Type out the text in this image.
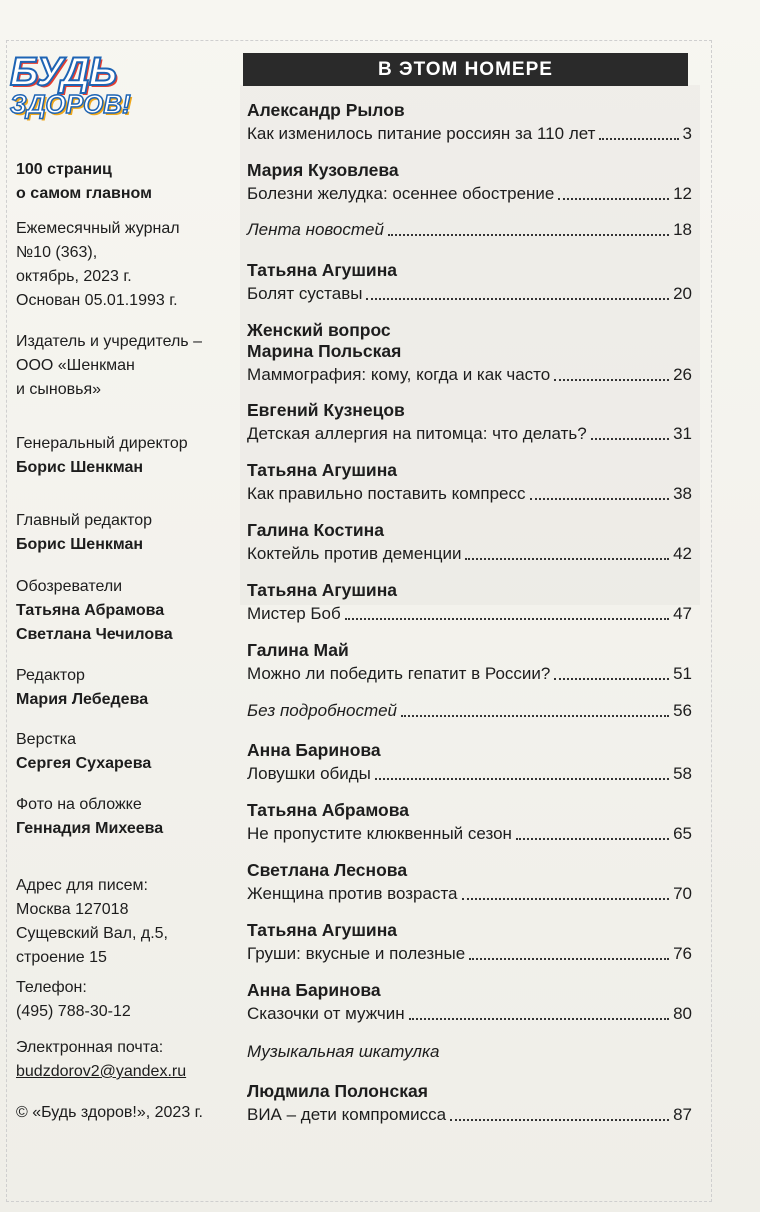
БУДЬ
ЗДОРОВ!
100 страниц
о самом главном
Ежемесячный журнал
№10 (363),
октябрь, 2023 г.
Основан 05.01.1993 г.
Издатель и учредитель –
ООО «Шенкман
и сыновья»
Генеральный директор
Борис Шенкман
Главный редактор
Борис Шенкман
Обозреватели
Татьяна Абрамова
Светлана Чечилова
Редактор
Мария Лебедева
Верстка
Сергея Сухарева
Фото на обложке
Геннадия Михеева
Адрес для писем:
Москва 127018
Сущевский Вал, д.5,
строение 15
Телефон:
(495) 788-30-12
Электронная почта:
budzdorov2@yandex.ru
© «Будь здоров!», 2023 г.
В ЭТОМ НОМЕРЕ
Александр Рылов
Как изменилось питание россиян за 110 лет	3
Мария Кузовлева
Болезни желудка: осеннее обострение	12
Лента новостей	18
Татьяна Агушина
Болят суставы	20
Женский вопрос
Марина Польская
Маммография: кому, когда и как часто	26
Евгений Кузнецов
Детская аллергия на питомца: что делать?	31
Татьяна Агушина
Как правильно поставить компресс	38
Галина Костина
Коктейль против деменции	42
Татьяна Агушина
Мистер Боб	47
Галина Май
Можно ли победить гепатит в России?	51
Без подробностей	56
Анна Баринова
Ловушки обиды	58
Татьяна Абрамова
Не пропустите клюквенный сезон	65
Светлана Леснова
Женщина против возраста	70
Татьяна Агушина
Груши: вкусные и полезные	76
Анна Баринова
Сказочки от мужчин	80
Музыкальная шкатулка
Людмила Полонская
ВИА – дети компромисса	87
